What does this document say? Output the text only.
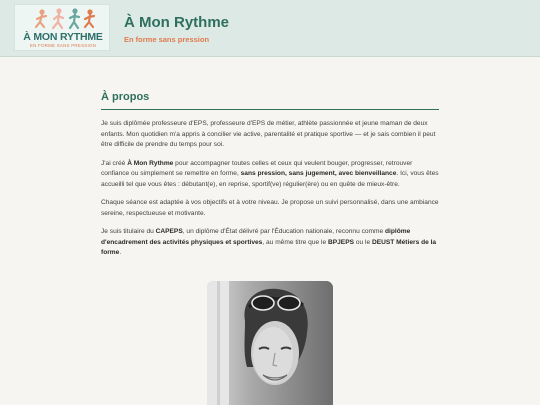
À MON RYTHME
EN FORME SANS PRESSION
À Mon Rythme
En forme sans pression
À propos

Je suis diplômée professeure d'EPS, professeure d'EPS de métier, athlète passionnée et jeune maman de deux enfants. Mon quotidien m'a appris à concilier vie active, parentalité et pratique sportive — et je sais combien il peut être difficile de prendre du temps pour soi.

J'ai créé À Mon Rythme pour accompagner toutes celles et ceux qui veulent bouger, progresser, retrouver confiance ou simplement se remettre en forme, sans pression, sans jugement, avec bienveillance. Ici, vous êtes accueilli tel que vous êtes : débutant(e), en reprise, sportif(ve) régulier(ère) ou en quête de mieux-être.

Chaque séance est adaptée à vos objectifs et à votre niveau. Je propose un suivi personnalisé, dans une ambiance sereine, respectueuse et motivante.

Je suis titulaire du CAPEPS, un diplôme d'État délivré par l'Éducation nationale, reconnu comme diplôme d'encadrement des activités physiques et sportives, au même titre que le BPJEPS ou le DEUST Métiers de la forme.
